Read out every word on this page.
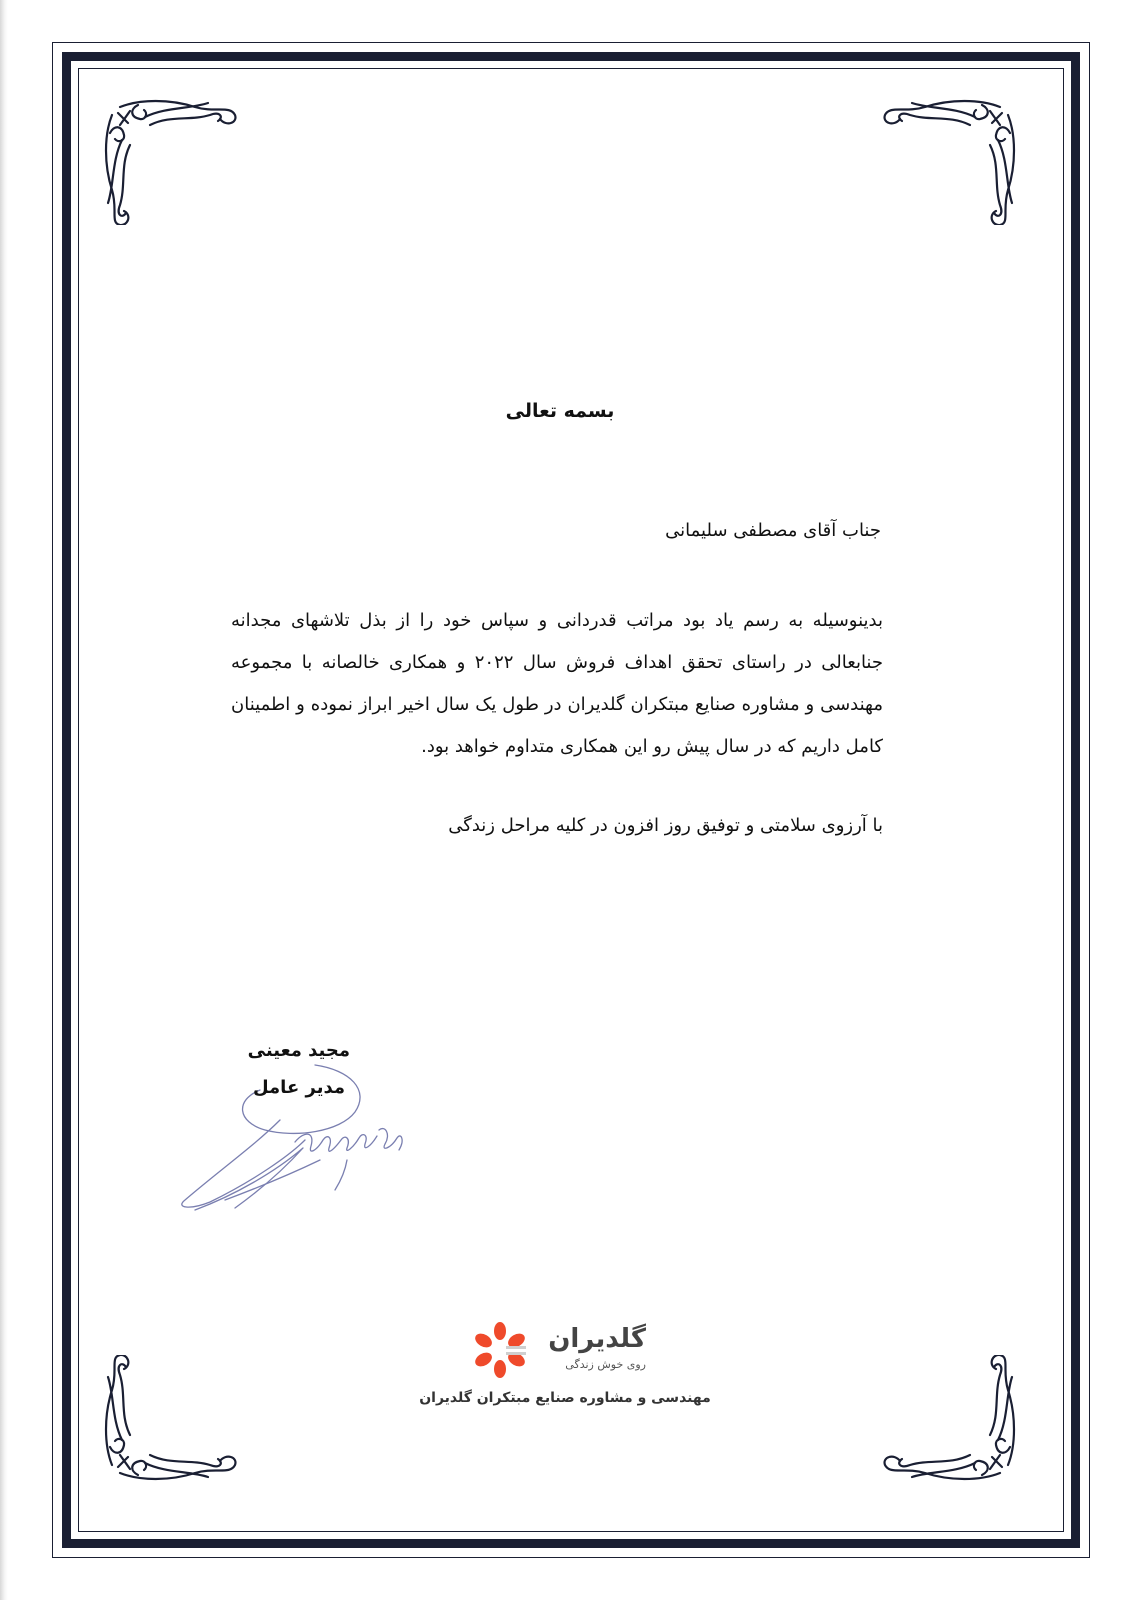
بسمه تعالی
جناب آقای مصطفی سلیمانی
بدینوسیله به رسم یاد بود مراتب قدردانی و سپاس خود را از بذل تلاشهای مجدانه جنابعالی در راستای تحقق اهداف فروش سال ۲۰۲۲ و همکاری خالصانه با مجموعه مهندسی و مشاوره صنایع مبتکران گلدیران در طول یک سال اخیر ابراز نموده و اطمینان کامل داریم که در سال پیش رو این همکاری متداوم خواهد بود.
با آرزوی سلامتی و توفیق روز افزون در کلیه مراحل زندگی
مجید معینی
مدیر عامل
گلدیران
روی خوش زندگی
مهندسی و مشاوره صنایع مبتکران گلدیران
